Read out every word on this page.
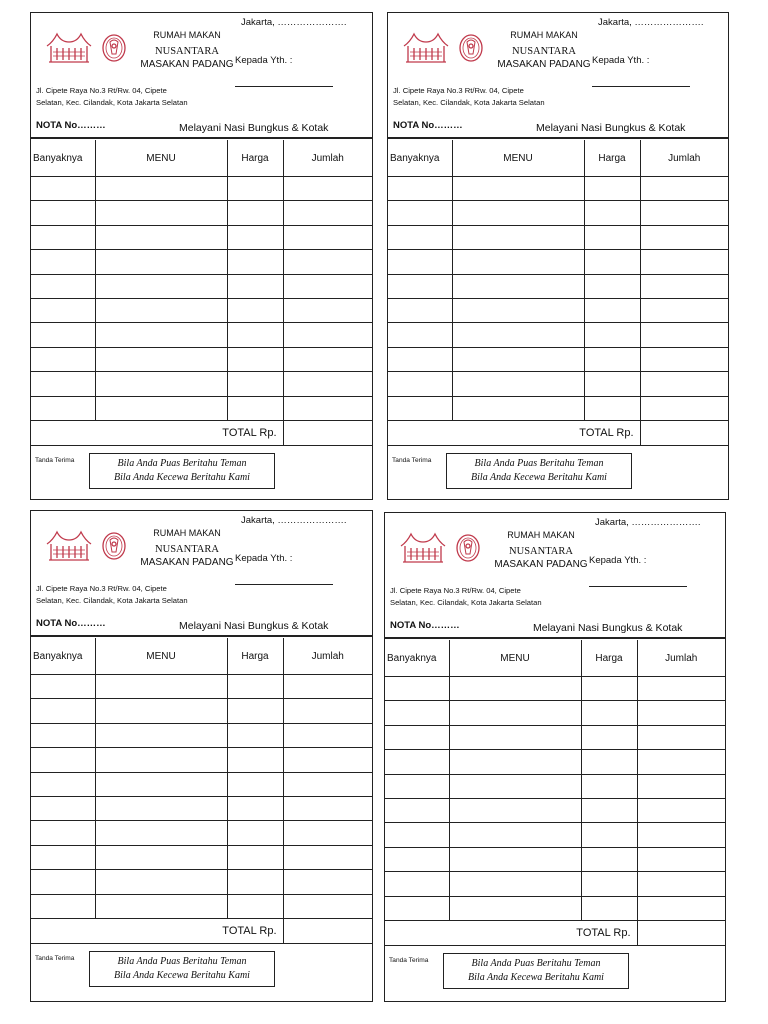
RUMAH MAKAN
NUSANTARA
MASAKAN PADANG
Jakarta, ………………….
Kepada Yth. :
Jl. Cipete Raya No.3 Rt/Rw. 04, Cipete
Selatan, Kec. Cilandak, Kota Jakarta Selatan
NOTA No………	Melayani Nasi Bungkus & Kotak
Banyaknya	MENU	Harga	Jumlah

TOTAL Rp.			
Tanda Terima	Bila Anda Puas Beritahu Teman
Bila Anda Kecewa Beritahu Kami
RUMAH MAKAN
NUSANTARA
MASAKAN PADANG
Jakarta, ………………….
Kepada Yth. :
Jl. Cipete Raya No.3 Rt/Rw. 04, Cipete
Selatan, Kec. Cilandak, Kota Jakarta Selatan
NOTA No………	Melayani Nasi Bungkus & Kotak
Banyaknya	MENU	Harga	Jumlah

TOTAL Rp.			
Tanda Terima	Bila Anda Puas Beritahu Teman
Bila Anda Kecewa Beritahu Kami
RUMAH MAKAN
NUSANTARA
MASAKAN PADANG
Jakarta, ………………….
Kepada Yth. :
Jl. Cipete Raya No.3 Rt/Rw. 04, Cipete
Selatan, Kec. Cilandak, Kota Jakarta Selatan
NOTA No………	Melayani Nasi Bungkus & Kotak
Banyaknya	MENU	Harga	Jumlah

TOTAL Rp.			
Tanda Terima	Bila Anda Puas Beritahu Teman
Bila Anda Kecewa Beritahu Kami
RUMAH MAKAN
NUSANTARA
MASAKAN PADANG
Jakarta, ………………….
Kepada Yth. :
Jl. Cipete Raya No.3 Rt/Rw. 04, Cipete
Selatan, Kec. Cilandak, Kota Jakarta Selatan
NOTA No………	Melayani Nasi Bungkus & Kotak
Banyaknya	MENU	Harga	Jumlah

TOTAL Rp.			
Tanda Terima	Bila Anda Puas Beritahu Teman
Bila Anda Kecewa Beritahu Kami
